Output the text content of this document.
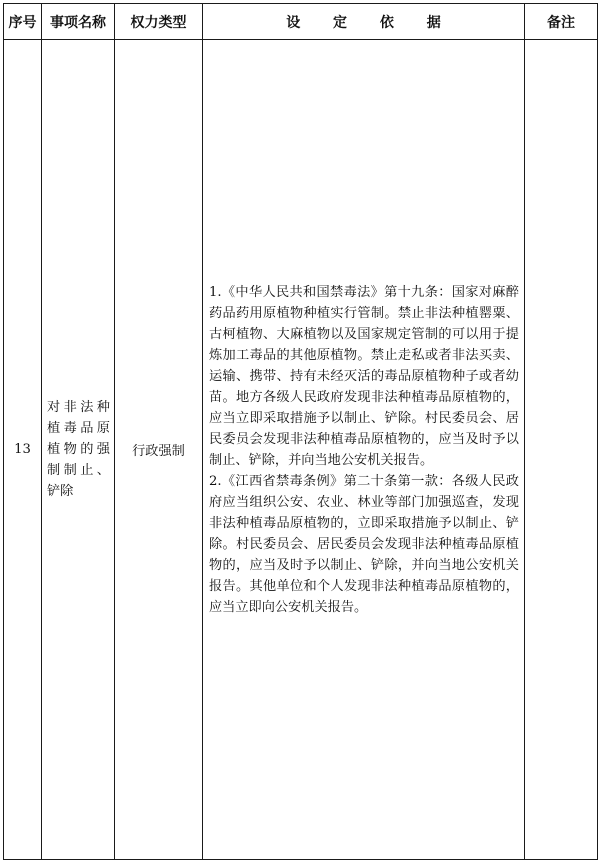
序号	事项名称	权力类型	设 定 依 据	备注
13	对非法种植毒品原植物的强制制止、铲除	行政强制	1.《中华人民共和国禁毒法》第十九条：国家对麻醉药品药用原植物种植实行管制。禁止非法种植罂粟、古柯植物、大麻植物以及国家规定管制的可以用于提炼加工毒品的其他原植物。禁止走私或者非法买卖、运输、携带、持有未经灭活的毒品原植物种子或者幼苗。地方各级人民政府发现非法种植毒品原植物的，应当立即采取措施予以制止、铲除。村民委员会、居民委员会发现非法种植毒品原植物的，应当及时予以制止、铲除，并向当地公安机关报告。

2.《江西省禁毒条例》第二十条第一款：各级人民政府应当组织公安、农业、林业等部门加强巡查，发现非法种植毒品原植物的，立即采取措施予以制止、铲除。村民委员会、居民委员会发现非法种植毒品原植物的，应当及时予以制止、铲除，并向当地公安机关报告。其他单位和个人发现非法种植毒品原植物的，应当立即向公安机关报告。	
